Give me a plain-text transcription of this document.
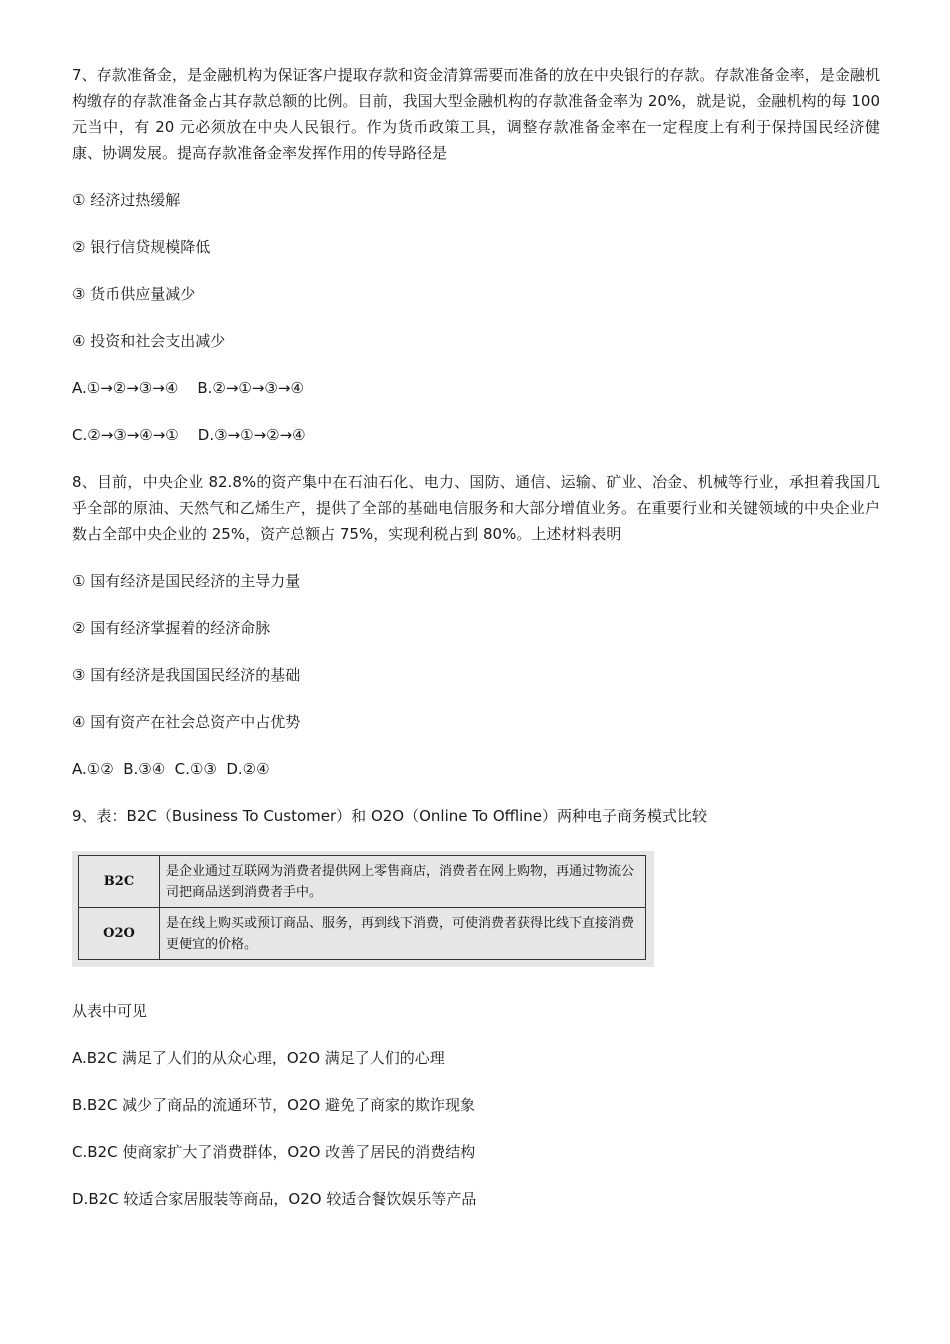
7、存款准备金，是金融机构为保证客户提取存款和资金清算需要而准备的放在中央银行的存款。存款准备金率，是金融机构缴存的存款准备金占其存款总额的比例。目前，我国大型金融机构的存款准备金率为 20%，就是说，金融机构的每 100 元当中，有 20 元必须放在中央人民银行。作为货币政策工具，调整存款准备金率在一定程度上有利于保持国民经济健康、协调发展。提高存款准备金率发挥作用的传导路径是

① 经济过热缓解

② 银行信贷规模降低

③ 货币供应量减少

④ 投资和社会支出减少

A.①→②→③→④    B.②→①→③→④

C.②→③→④→①    D.③→①→②→④

8、目前，中央企业 82.8%的资产集中在石油石化、电力、国防、通信、运输、矿业、冶金、机械等行业，承担着我国几乎全部的原油、天然气和乙烯生产，提供了全部的基础电信服务和大部分增值业务。在重要行业和关键领域的中央企业户数占全部中央企业的 25%，资产总额占 75%，实现利税占到 80%。上述材料表明

① 国有经济是国民经济的主导力量

② 国有经济掌握着的经济命脉

③ 国有经济是我国国民经济的基础

④ 国有资产在社会总资产中占优势

A.①②  B.③④  C.①③  D.②④

9、表：B2C（Business To Customer）和 O2O（Online To Offline）两种电子商务模式比较

B2C	是企业通过互联网为消费者提供网上零售商店，消费者在网上购物，再通过物流公司把商品送到消费者手中。
O2O	是在线上购买或预订商品、服务，再到线下消费，可使消费者获得比线下直接消费更便宜的价格。

从表中可见

A.B2C 满足了人们的从众心理，O2O 满足了人们的心理

B.B2C 减少了商品的流通环节，O2O 避免了商家的欺诈现象

C.B2C 使商家扩大了消费群体，O2O 改善了居民的消费结构

D.B2C 较适合家居服装等商品，O2O 较适合餐饮娱乐等产品
